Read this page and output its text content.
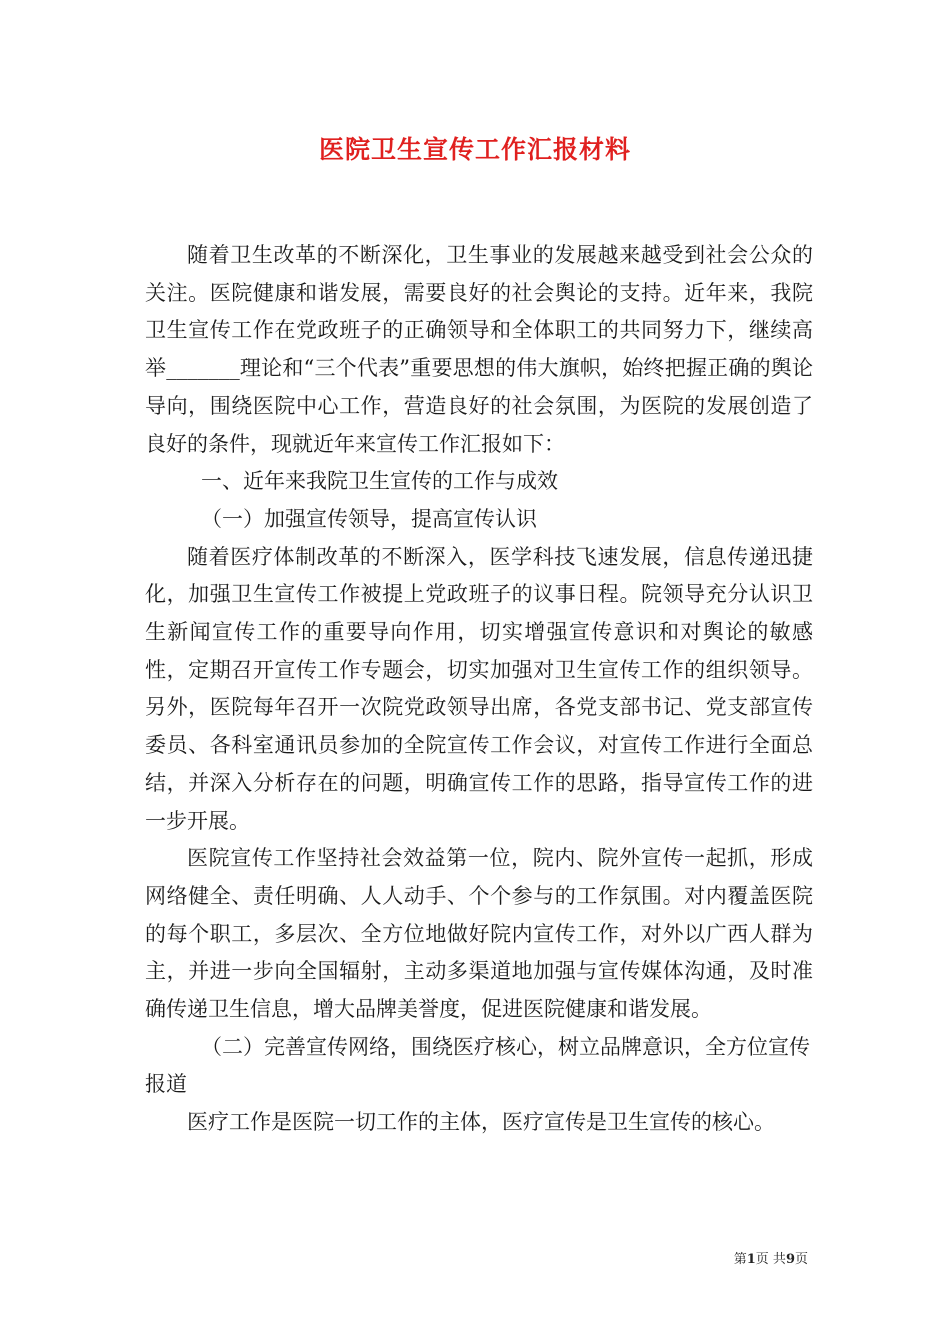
医院卫生宣传工作汇报材料

随着卫生改革的不断深化，卫生事业的发展越来越受到社会公众的关注。医院健康和谐发展，需要良好的社会舆论的支持。近年来，我院卫生宣传工作在党政班子的正确领导和全体职工的共同努力下，继续高举_______理论和“三个代表”重要思想的伟大旗帜，始终把握正确的舆论导向，围绕医院中心工作，营造良好的社会氛围，为医院的发展创造了良好的条件，现就近年来宣传工作汇报如下：

一、近年来我院卫生宣传的工作与成效

（一）加强宣传领导，提高宣传认识

随着医疗体制改革的不断深入，医学科技飞速发展，信息传递迅捷化，加强卫生宣传工作被提上党政班子的议事日程。院领导充分认识卫生新闻宣传工作的重要导向作用，切实增强宣传意识和对舆论的敏感性，定期召开宣传工作专题会，切实加强对卫生宣传工作的组织领导。另外，医院每年召开一次院党政领导出席，各党支部书记、党支部宣传委员、各科室通讯员参加的全院宣传工作会议，对宣传工作进行全面总结，并深入分析存在的问题，明确宣传工作的思路，指导宣传工作的进一步开展。

医院宣传工作坚持社会效益第一位，院内、院外宣传一起抓，形成网络健全、责任明确、人人动手、个个参与的工作氛围。对内覆盖医院的每个职工，多层次、全方位地做好院内宣传工作，对外以广西人群为主，并进一步向全国辐射，主动多渠道地加强与宣传媒体沟通，及时准确传递卫生信息，增大品牌美誉度，促进医院健康和谐发展。

（二）完善宣传网络，围绕医疗核心，树立品牌意识，全方位宣传报道

医疗工作是医院一切工作的主体，医疗宣传是卫生宣传的核心。

第1页 共9页
